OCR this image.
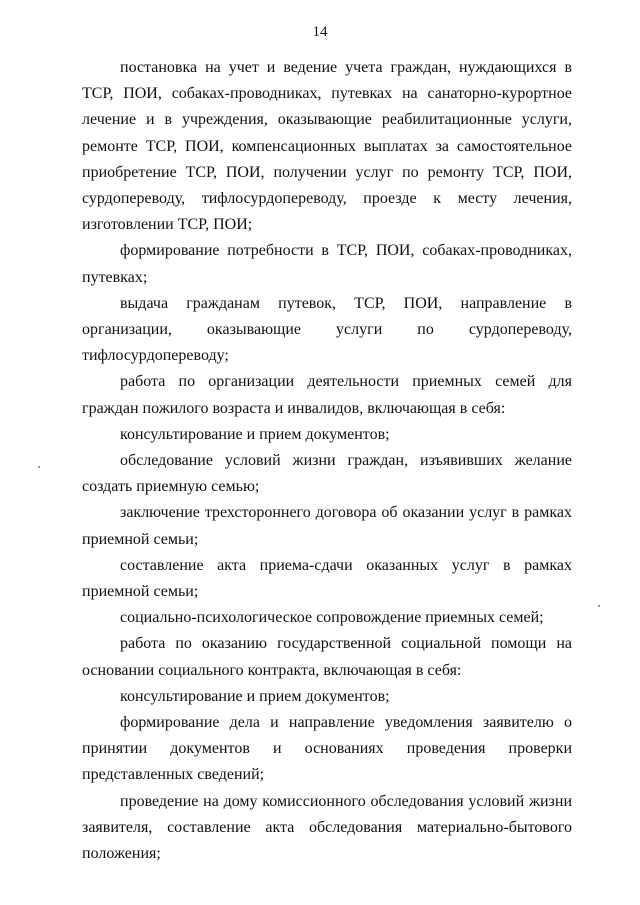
14

постановка на учет и ведение учета граждан, нуждающихся в ТСР, ПОИ, собаках-проводниках, путевках на санаторно-курортное лечение и в учреждения, оказывающие реабилитационные услуги, ремонте ТСР, ПОИ, компенсационных выплатах за самостоятельное приобретение ТСР, ПОИ, получении услуг по ремонту ТСР, ПОИ, сурдопереводу, тифлосурдопереводу, проезде к месту лечения, изготовлении ТСР, ПОИ;

формирование потребности в ТСР, ПОИ, собаках-проводниках, путевках;

выдача гражданам путевок, ТСР, ПОИ, направление в организации, оказывающие услуги по сурдопереводу, тифлосурдопереводу;

работа по организации деятельности приемных семей для граждан пожилого возраста и инвалидов, включающая в себя:

консультирование и прием документов;

обследование условий жизни граждан, изъявивших желание создать приемную семью;

заключение трехстороннего договора об оказании услуг в рамках приемной семьи;

составление акта приема-сдачи оказанных услуг в рамках приемной семьи;

социально-психологическое сопровождение приемных семей;

работа по оказанию государственной социальной помощи на основании социального контракта, включающая в себя:

консультирование и прием документов;

формирование дела и направление уведомления заявителю о принятии документов и основаниях проведения проверки представленных сведений;

проведение на дому комиссионного обследования условий жизни заявителя, составление акта обследования материально-бытового положения;
